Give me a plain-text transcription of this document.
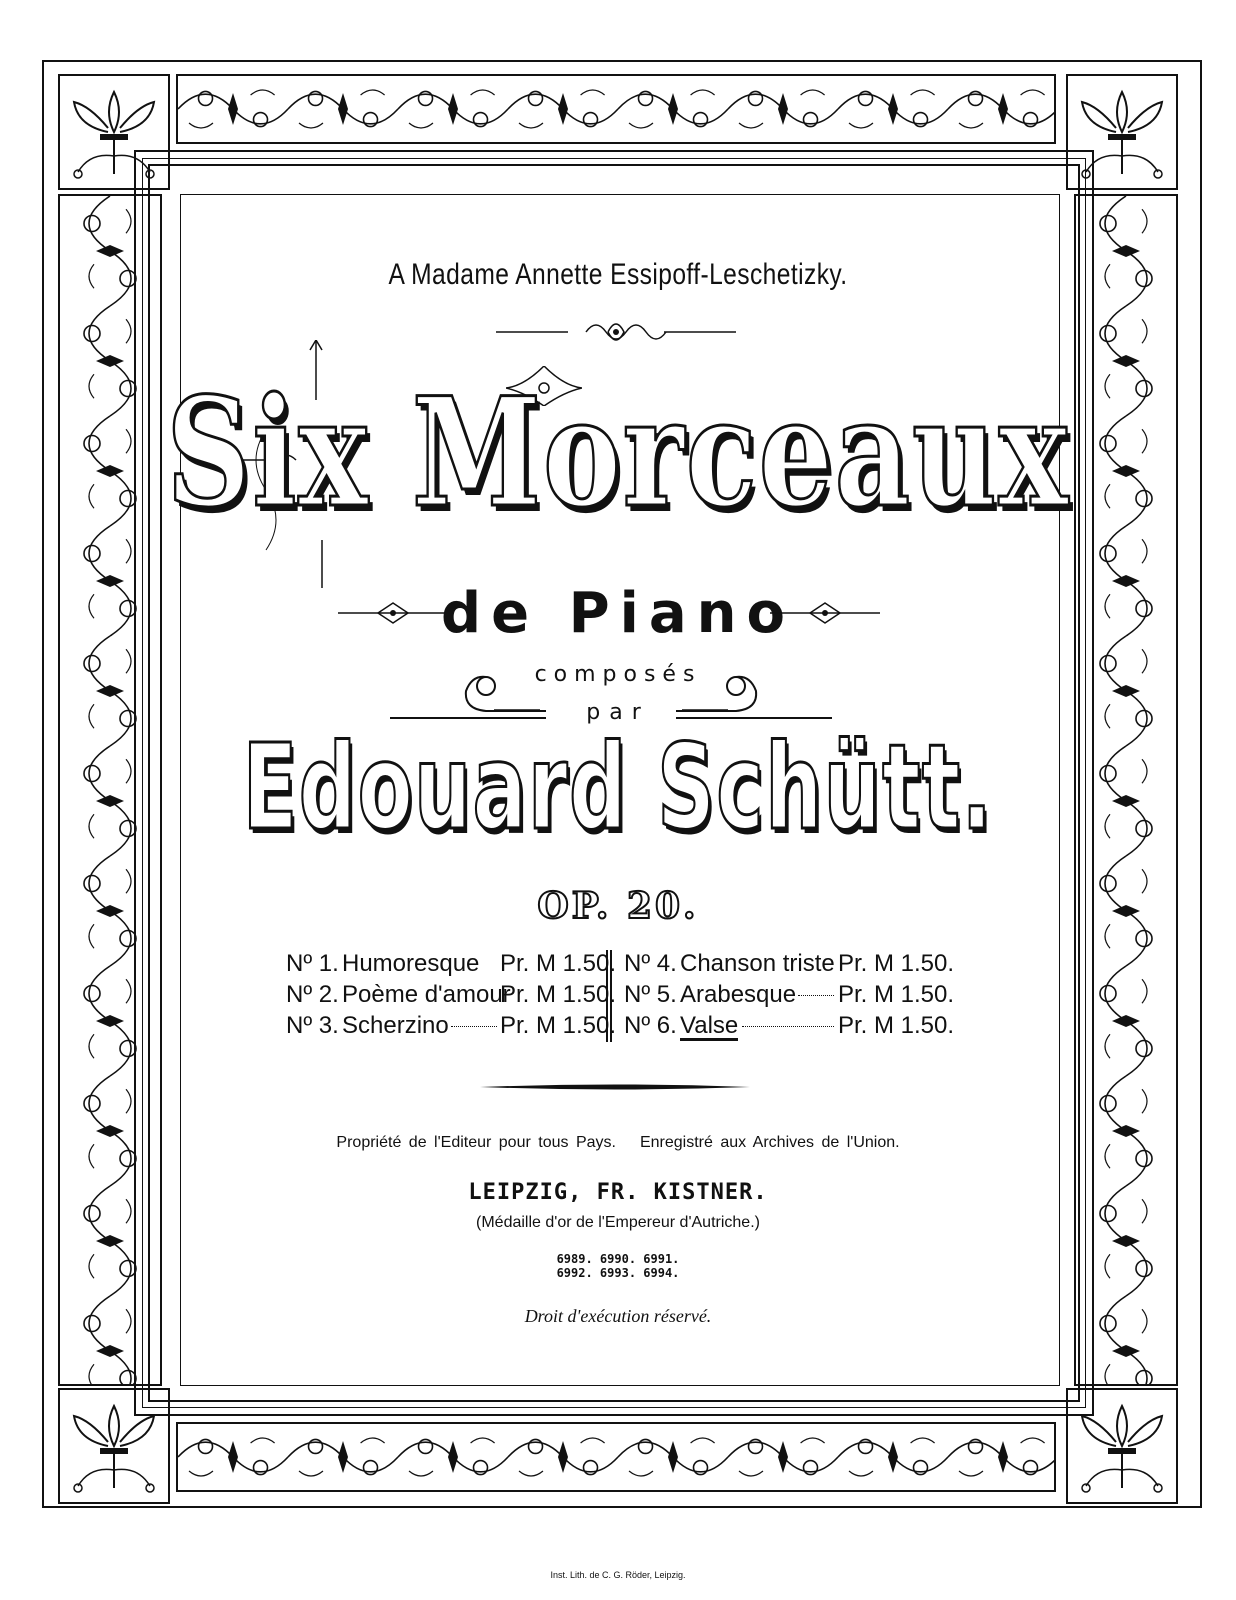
A Madame Annette Essipoff-Leschetizky.
Six Morceaux
de Piano
composés
par
Edouard Schütt.
OP. 20.
Nº 1. Humoresque Pr. M 1.50.
Nº 2. Poème d'amour
Pr. M 1.50.
Nº 3. Scherzino Pr. M 1.50.
Nº 4. Chanson triste Pr. M 1.50.
Nº 5. Arabesque Pr. M 1.50.
Nº 6. Valse	Pr. M 1.50.
Propriété de l'Editeur pour tous Pays. Enregistré aux Archives de l'Union.
LEIPZIG, FR. KISTNER.
(Médaille d'or de l'Empereur d'Autriche.)
6989. 6990. 6991.
6992. 6993. 6994.
Droit d'exécution réservé.
Inst. Lith. de C. G. Röder, Leipzig.
